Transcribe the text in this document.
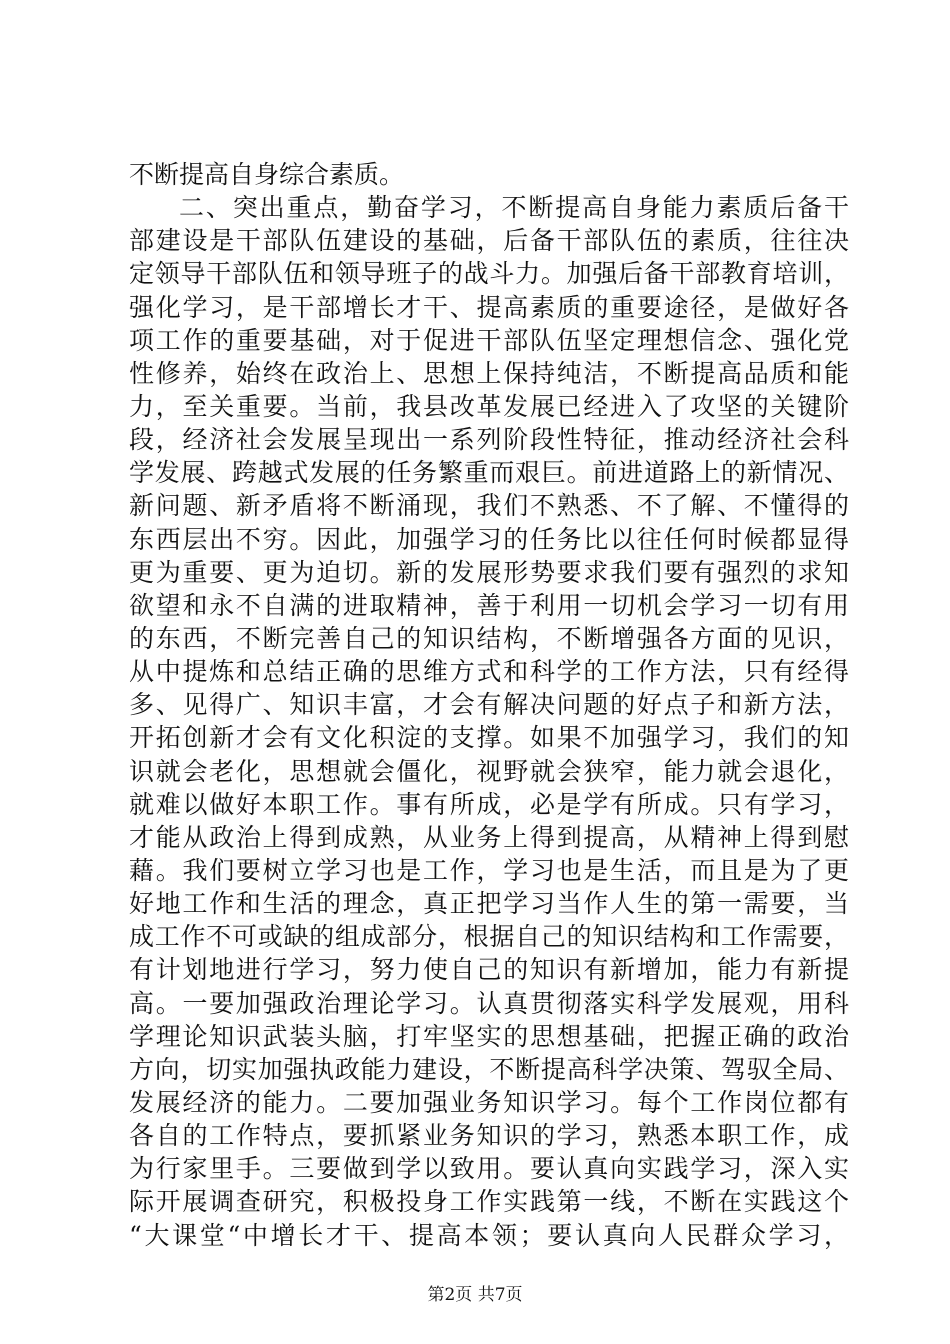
不断提高自身综合素质。
二、突出重点，勤奋学习，不断提高自身能力素质后备干
部建设是干部队伍建设的基础，后备干部队伍的素质，往往决
定领导干部队伍和领导班子的战斗力。加强后备干部教育培训，
强化学习，是干部增长才干、提高素质的重要途径，是做好各
项工作的重要基础，对于促进干部队伍坚定理想信念、强化党
性修养，始终在政治上、思想上保持纯洁，不断提高品质和能
力，至关重要。当前，我县改革发展已经进入了攻坚的关键阶
段，经济社会发展呈现出一系列阶段性特征，推动经济社会科
学发展、跨越式发展的任务繁重而艰巨。前进道路上的新情况、
新问题、新矛盾将不断涌现，我们不熟悉、不了解、不懂得的
东西层出不穷。因此，加强学习的任务比以往任何时候都显得
更为重要、更为迫切。新的发展形势要求我们要有强烈的求知
欲望和永不自满的进取精神，善于利用一切机会学习一切有用
的东西，不断完善自己的知识结构，不断增强各方面的见识，
从中提炼和总结正确的思维方式和科学的工作方法，只有经得
多、见得广、知识丰富，才会有解决问题的好点子和新方法，
开拓创新才会有文化积淀的支撑。如果不加强学习，我们的知
识就会老化，思想就会僵化，视野就会狭窄，能力就会退化，
就难以做好本职工作。事有所成，必是学有所成。只有学习，
才能从政治上得到成熟，从业务上得到提高，从精神上得到慰
藉。我们要树立学习也是工作，学习也是生活，而且是为了更
好地工作和生活的理念，真正把学习当作人生的第一需要，当
成工作不可或缺的组成部分，根据自己的知识结构和工作需要，
有计划地进行学习，努力使自己的知识有新增加，能力有新提
高。一要加强政治理论学习。认真贯彻落实科学发展观，用科
学理论知识武装头脑，打牢坚实的思想基础，把握正确的政治
方向，切实加强执政能力建设，不断提高科学决策、驾驭全局、
发展经济的能力。二要加强业务知识学习。每个工作岗位都有
各自的工作特点，要抓紧业务知识的学习，熟悉本职工作，成
为行家里手。三要做到学以致用。要认真向实践学习，深入实
际开展调查研究，积极投身工作实践第一线，不断在实践这个
“大课堂“中增长才干、提高本领；要认真向人民群众学习，
第2页 共7页
